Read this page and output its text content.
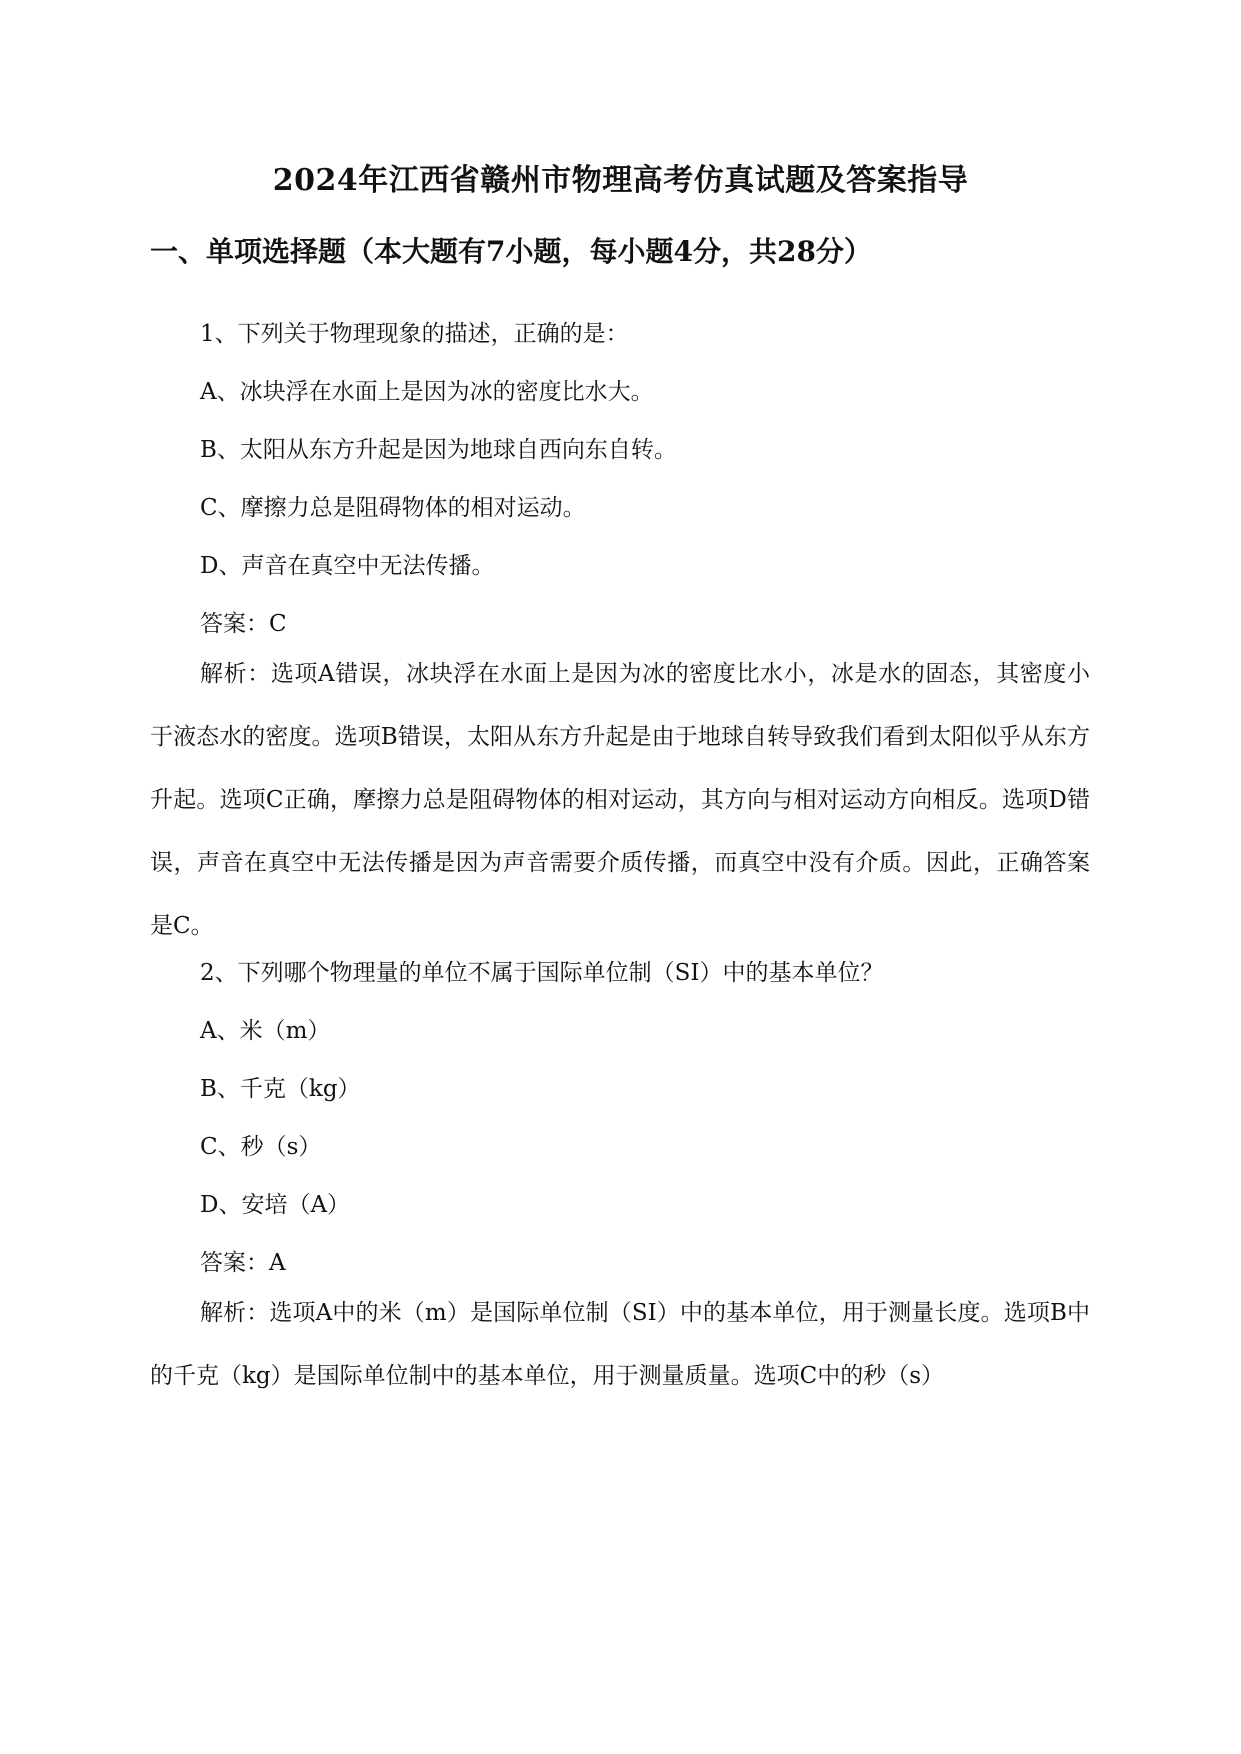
2024年江西省赣州市物理高考仿真试题及答案指导
一、单项选择题（本大题有7小题，每小题4分，共28分）
1、下列关于物理现象的描述，正确的是：
A、冰块浮在水面上是因为冰的密度比水大。
B、太阳从东方升起是因为地球自西向东自转。
C、摩擦力总是阻碍物体的相对运动。
D、声音在真空中无法传播。
答案：C
解析：选项A错误，冰块浮在水面上是因为冰的密度比水小，冰是水的固态，其密度小于液态水的密度。选项B错误，太阳从东方升起是由于地球自转导致我们看到太阳似乎从东方升起。选项C正确，摩擦力总是阻碍物体的相对运动，其方向与相对运动方向相反。选项D错误，声音在真空中无法传播是因为声音需要介质传播，而真空中没有介质。因此，正确答案是C。
2、下列哪个物理量的单位不属于国际单位制（SI）中的基本单位？
A、米（m）
B、千克（kg）
C、秒（s）
D、安培（A）
答案：A
解析：选项A中的米（m）是国际单位制（SI）中的基本单位，用于测量长度。选项B中的千克（kg）是国际单位制中的基本单位，用于测量质量。选项C中的秒（s）
